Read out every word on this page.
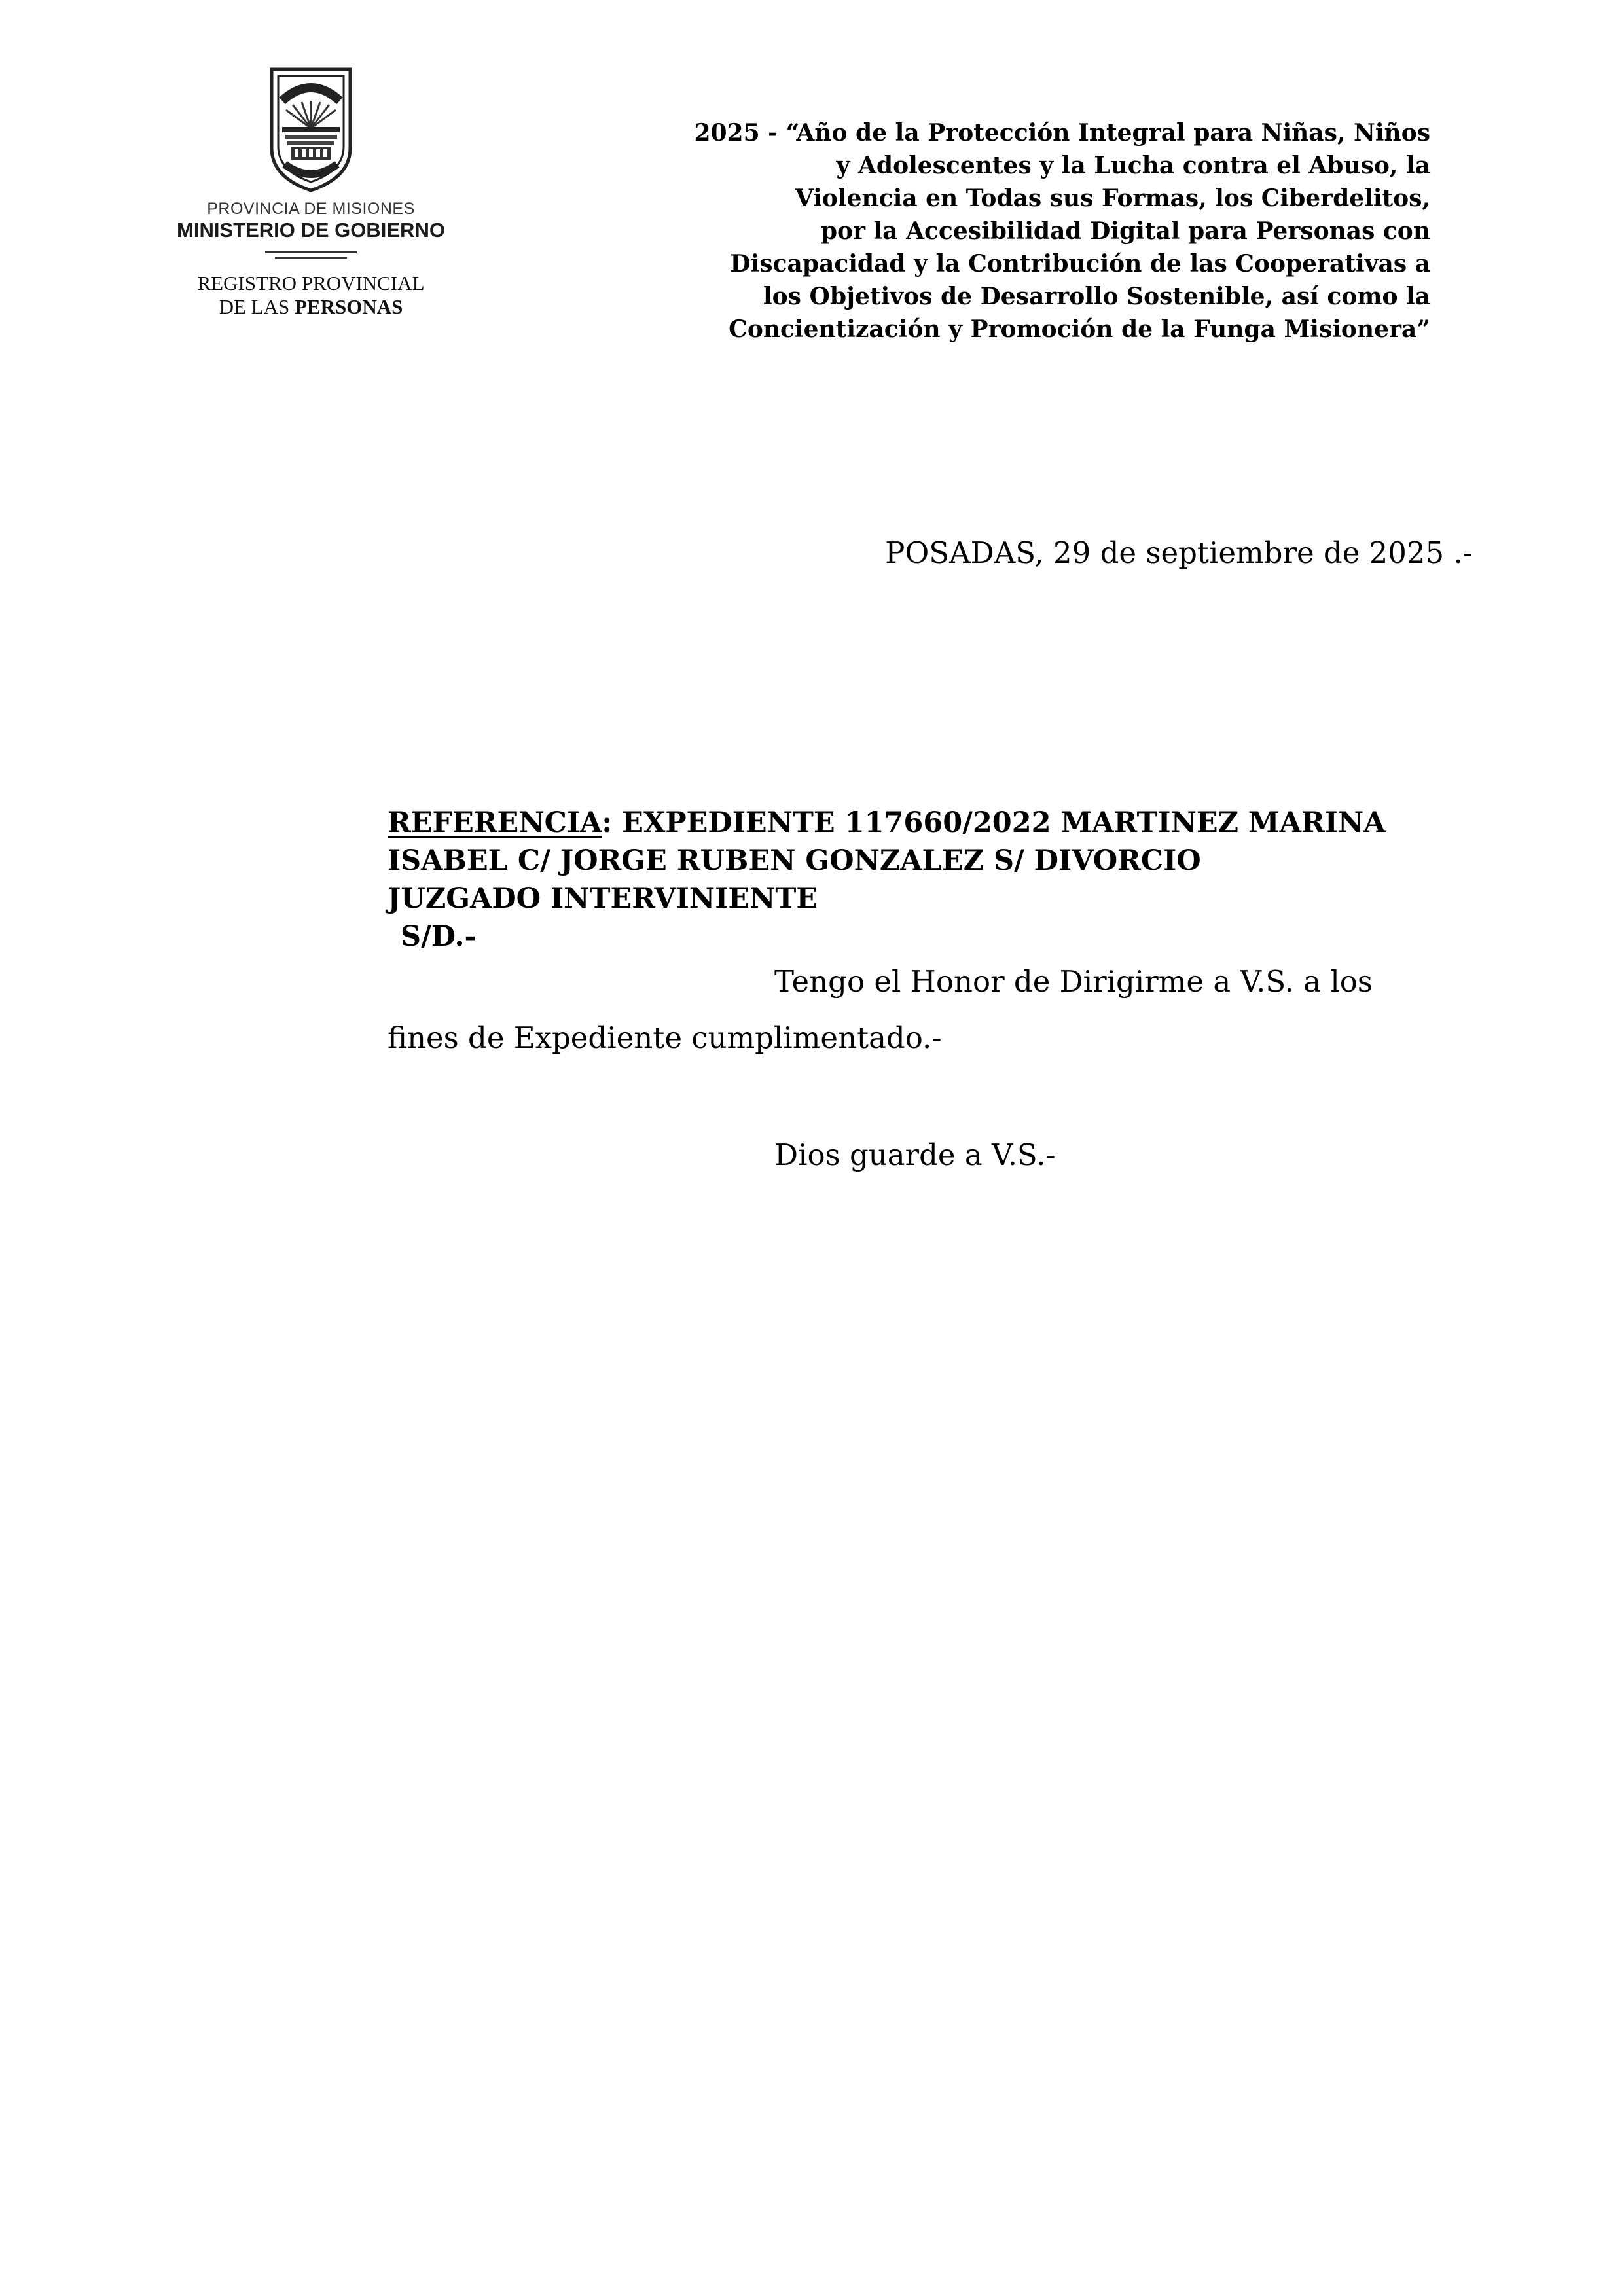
PROVINCIA DE MISIONES
MINISTERIO DE GOBIERNO
REGISTRO PROVINCIAL
DE LAS PERSONAS
2025 - “Año de la Protección Integral para Niñas, Niños
y Adolescentes y la Lucha contra el Abuso, la
Violencia en Todas sus Formas, los Ciberdelitos,
por la Accesibilidad Digital para Personas con
Discapacidad y la Contribución de las Cooperativas a
los Objetivos de Desarrollo Sostenible, así como la
Concientización y Promoción de la Funga Misionera”
POSADAS, 29 de septiembre de 2025 .-
REFERENCIA: EXPEDIENTE 117660/2022 MARTINEZ MARINA
ISABEL C/ JORGE RUBEN GONZALEZ S/ DIVORCIO
JUZGADO INTERVINIENTE
S/D.-
Tengo el Honor de Dirigirme a V.S. a los
fines de Expediente cumplimentado.-
Dios guarde a V.S.-
